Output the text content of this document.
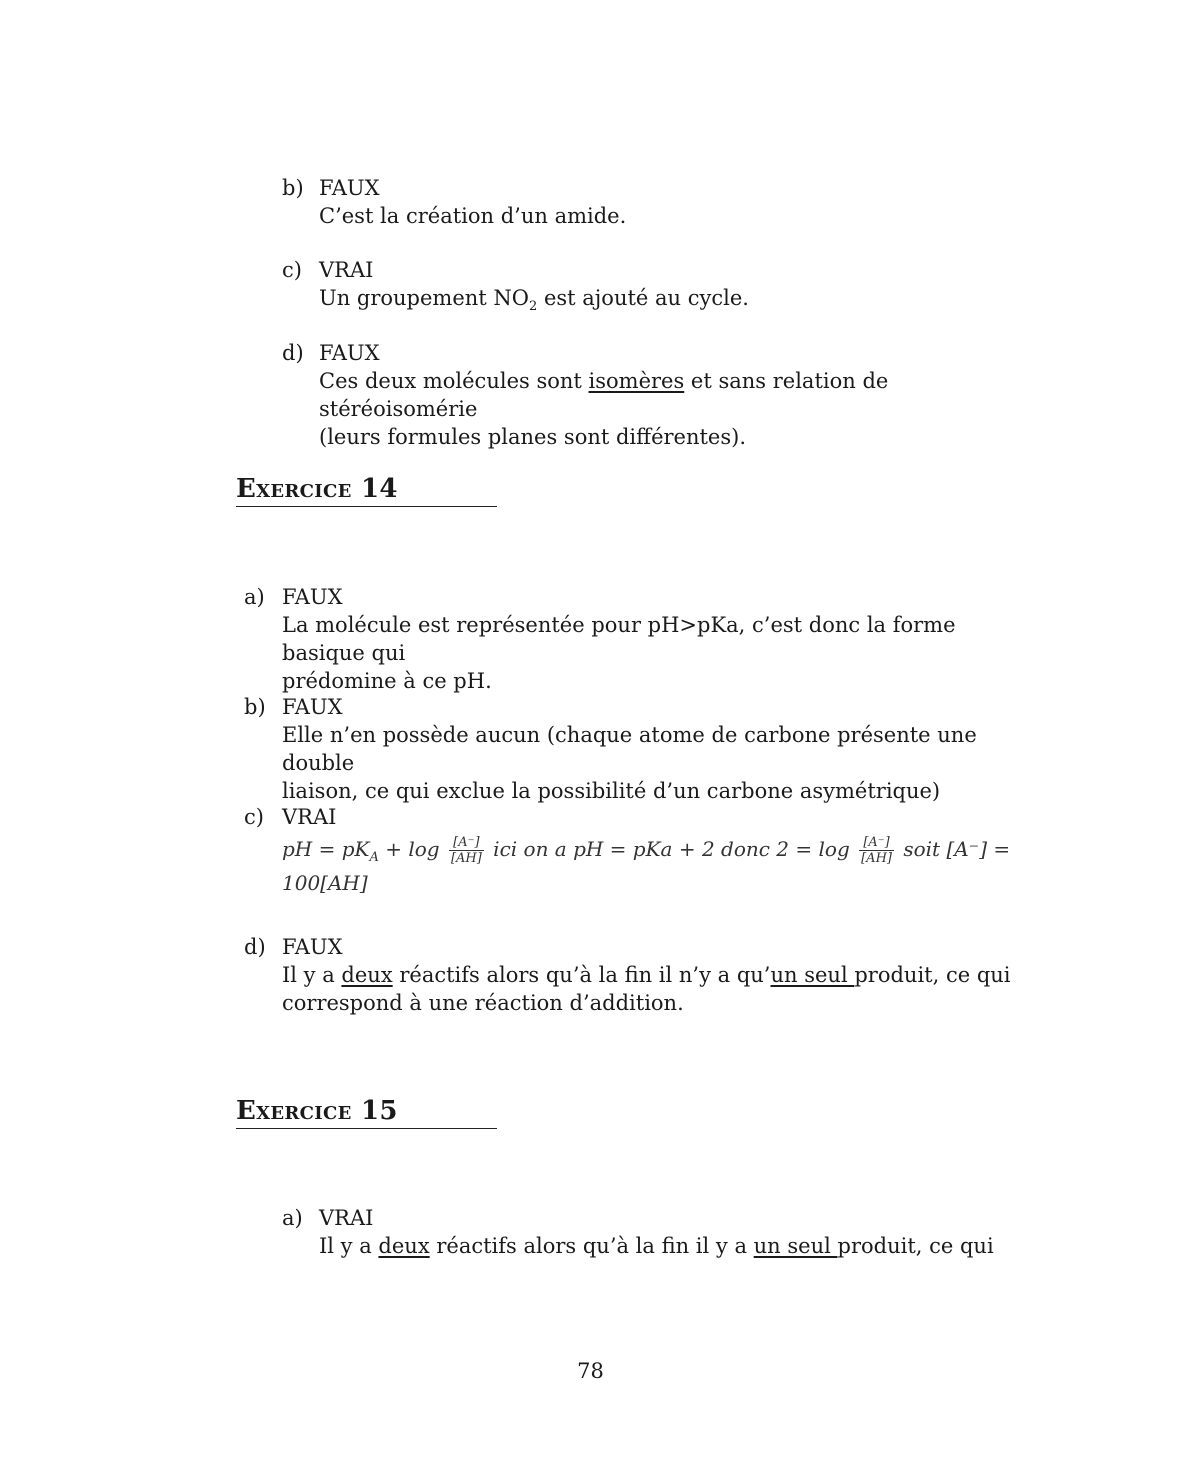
b) FAUX
C’est la création d’un amide.
c) VRAI
Un groupement $NO_2$ est ajouté au cycle.
d) FAUX
Ces deux molécules sont isomères et sans relation de stéréoisomérie
(leurs formules planes sont différentes).
Exercice 14
a) FAUX
La molécule est représentée pour pH>pKa, c’est donc la forme basique qui
prédomine à ce pH.
b) FAUX
Elle n’en possède aucun (chaque atome de carbone présente une double
liaison, ce qui exclue la possibilité d’un carbone asymétrique)
c) VRAI
pH = $pK_A + \log \frac{[A^-]}{[AH]}$ ici on a pH = pKa + 2 donc $2 = \log \frac{[A^-]}{[AH]}$ soit [A⁻] =
100[AH]
d) FAUX
Il y a deux réactifs alors qu’à la fin il n’y a qu’un seul produit, ce qui
correspond à une réaction d’addition.
Exercice 15
a) VRAI
Il y a deux réactifs alors qu’à la fin il y a un seul produit, ce qui
78
